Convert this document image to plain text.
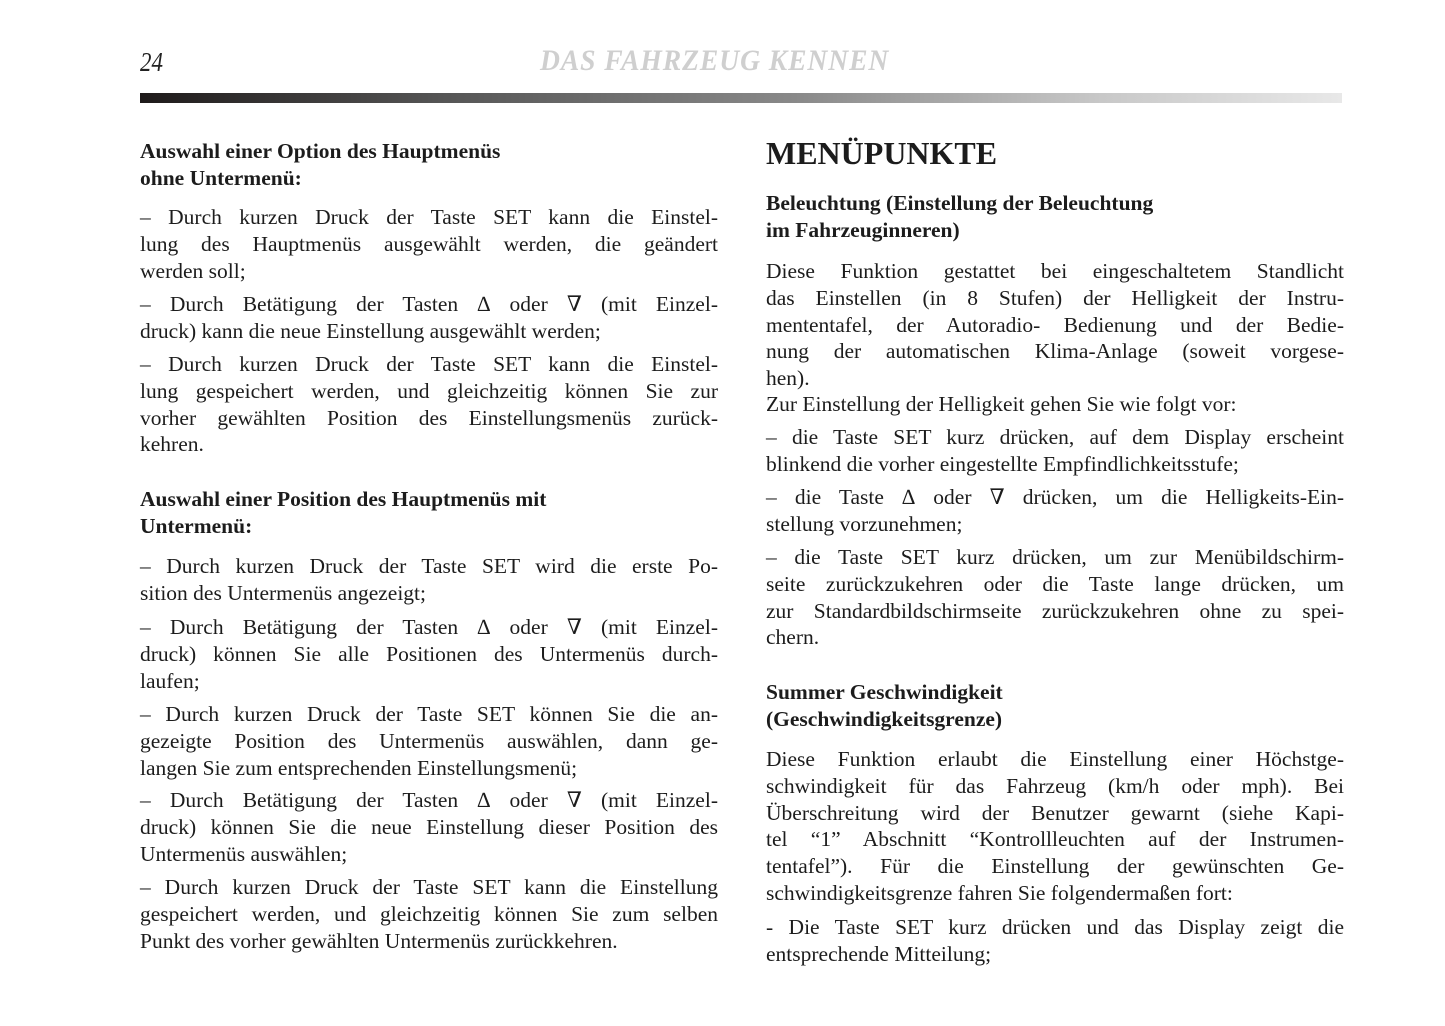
24	DAS FAHRZEUG KENNEN
Auswahl einer Option des Hauptmenüs
ohne Untermenü:
– Durch kurzen Druck der Taste SET kann die Einstel-
lung des Hauptmenüs ausgewählt werden, die geändert
werden soll;
– Durch Betätigung der Tasten ∆ oder ∇ (mit Einzel-
druck) kann die neue Einstellung ausgewählt werden;
– Durch kurzen Druck der Taste SET kann die Einstel-
lung gespeichert werden, und gleichzeitig können Sie zur
vorher gewählten Position des Einstellungsmenüs zurück-
kehren.
Auswahl einer Position des Hauptmenüs mit
Untermenü:
– Durch kurzen Druck der Taste SET wird die erste Po-
sition des Untermenüs angezeigt;
– Durch Betätigung der Tasten ∆ oder ∇ (mit Einzel-
druck) können Sie alle Positionen des Untermenüs durch-
laufen;
– Durch kurzen Druck der Taste SET können Sie die an-
gezeigte Position des Untermenüs auswählen, dann ge-
langen Sie zum entsprechenden Einstellungsmenü;
– Durch Betätigung der Tasten ∆ oder ∇ (mit Einzel-
druck) können Sie die neue Einstellung dieser Position des
Untermenüs auswählen;
– Durch kurzen Druck der Taste SET kann die Einstellung
gespeichert werden, und gleichzeitig können Sie zum selben
Punkt des vorher gewählten Untermenüs zurückkehren.
MENÜPUNKTE
Beleuchtung (Einstellung der Beleuchtung
im Fahrzeuginneren)
Diese Funktion gestattet bei eingeschaltetem Standlicht
das Einstellen (in 8 Stufen) der Helligkeit der Instru-
mententafel, der Autoradio- Bedienung und der Bedie-
nung der automatischen Klima-Anlage (soweit vorgese-
hen).
Zur Einstellung der Helligkeit gehen Sie wie folgt vor:
– die Taste SET kurz drücken, auf dem Display erscheint
blinkend die vorher eingestellte Empfindlichkeitsstufe;
– die Taste ∆ oder ∇ drücken, um die Helligkeits-Ein-
stellung vorzunehmen;
– die Taste SET kurz drücken, um zur Menübildschirm-
seite zurückzukehren oder die Taste lange drücken, um
zur Standardbildschirmseite zurückzukehren ohne zu spei-
chern.
Summer Geschwindigkeit
(Geschwindigkeitsgrenze)
Diese Funktion erlaubt die Einstellung einer Höchstge-
schwindigkeit für das Fahrzeug (km/h oder mph). Bei
Überschreitung wird der Benutzer gewarnt (siehe Kapi-
tel “1” Abschnitt “Kontrollleuchten auf der Instrumen-
tentafel”). Für die Einstellung der gewünschten Ge-
schwindigkeitsgrenze fahren Sie folgendermaßen fort:
- Die Taste SET kurz drücken und das Display zeigt die
entsprechende Mitteilung;
